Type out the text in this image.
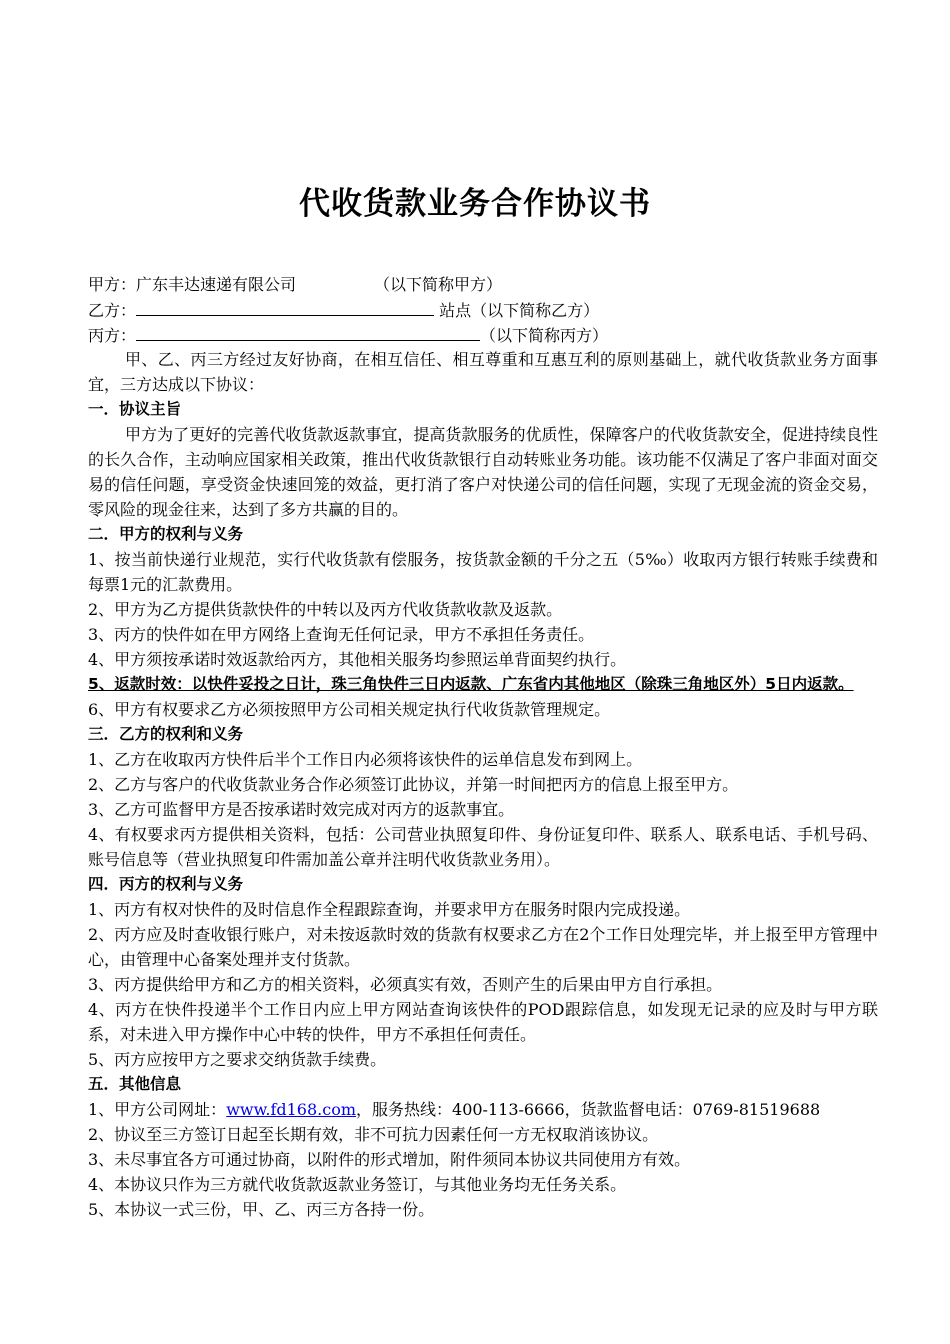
代收货款业务合作协议书
甲方：广东丰达速递有限公司	（以下简称甲方）
乙方：	站点（以下简称乙方）
丙方：	（以下简称丙方）
甲、乙、丙三方经过友好协商，在相互信任、相互尊重和互惠互利的原则基础上，就代收货款业务方面事宜，三方达成以下协议：
一．协议主旨
甲方为了更好的完善代收货款返款事宜，提高货款服务的优质性，保障客户的代收货款安全，促进持续良性的长久合作，主动响应国家相关政策，推出代收货款银行自动转账业务功能。该功能不仅满足了客户非面对面交易的信任问题，享受资金快速回笼的效益，更打消了客户对快递公司的信任问题，实现了无现金流的资金交易，零风险的现金往来，达到了多方共赢的目的。
二．甲方的权利与义务
1、按当前快递行业规范，实行代收货款有偿服务，按货款金额的千分之五（5‰）收取丙方银行转账手续费和每票1元的汇款费用。
2、甲方为乙方提供货款快件的中转以及丙方代收货款收款及返款。
3、丙方的快件如在甲方网络上查询无任何记录，甲方不承担任务责任。
4、甲方须按承诺时效返款给丙方，其他相关服务均参照运单背面契约执行。
5、返款时效：以快件妥投之日计，珠三角快件三日内返款、广东省内其他地区（除珠三角地区外）5日内返款。
6、甲方有权要求乙方必须按照甲方公司相关规定执行代收货款管理规定。
三．乙方的权利和义务
1、乙方在收取丙方快件后半个工作日内必须将该快件的运单信息发布到网上。
2、乙方与客户的代收货款业务合作必须签订此协议，并第一时间把丙方的信息上报至甲方。
3、乙方可监督甲方是否按承诺时效完成对丙方的返款事宜。
4、有权要求丙方提供相关资料，包括：公司营业执照复印件、身份证复印件、联系人、联系电话、手机号码、账号信息等（营业执照复印件需加盖公章并注明代收货款业务用）。
四．丙方的权利与义务
1、丙方有权对快件的及时信息作全程跟踪查询，并要求甲方在服务时限内完成投递。
2、丙方应及时查收银行账户，对未按返款时效的货款有权要求乙方在2个工作日处理完毕，并上报至甲方管理中心，由管理中心备案处理并支付货款。
3、丙方提供给甲方和乙方的相关资料，必须真实有效，否则产生的后果由甲方自行承担。
4、丙方在快件投递半个工作日内应上甲方网站查询该快件的POD跟踪信息，如发现无记录的应及时与甲方联系，对未进入甲方操作中心中转的快件，甲方不承担任何责任。
5、丙方应按甲方之要求交纳货款手续费。
五．其他信息
1、甲方公司网址：www.fd168.com，服务热线：400-113-6666，货款监督电话：0769-81519688
2、协议至三方签订日起至长期有效，非不可抗力因素任何一方无权取消该协议。
3、未尽事宜各方可通过协商，以附件的形式增加，附件须同本协议共同使用方有效。
4、本协议只作为三方就代收货款返款业务签订，与其他业务均无任务关系。
5、本协议一式三份，甲、乙、丙三方各持一份。
